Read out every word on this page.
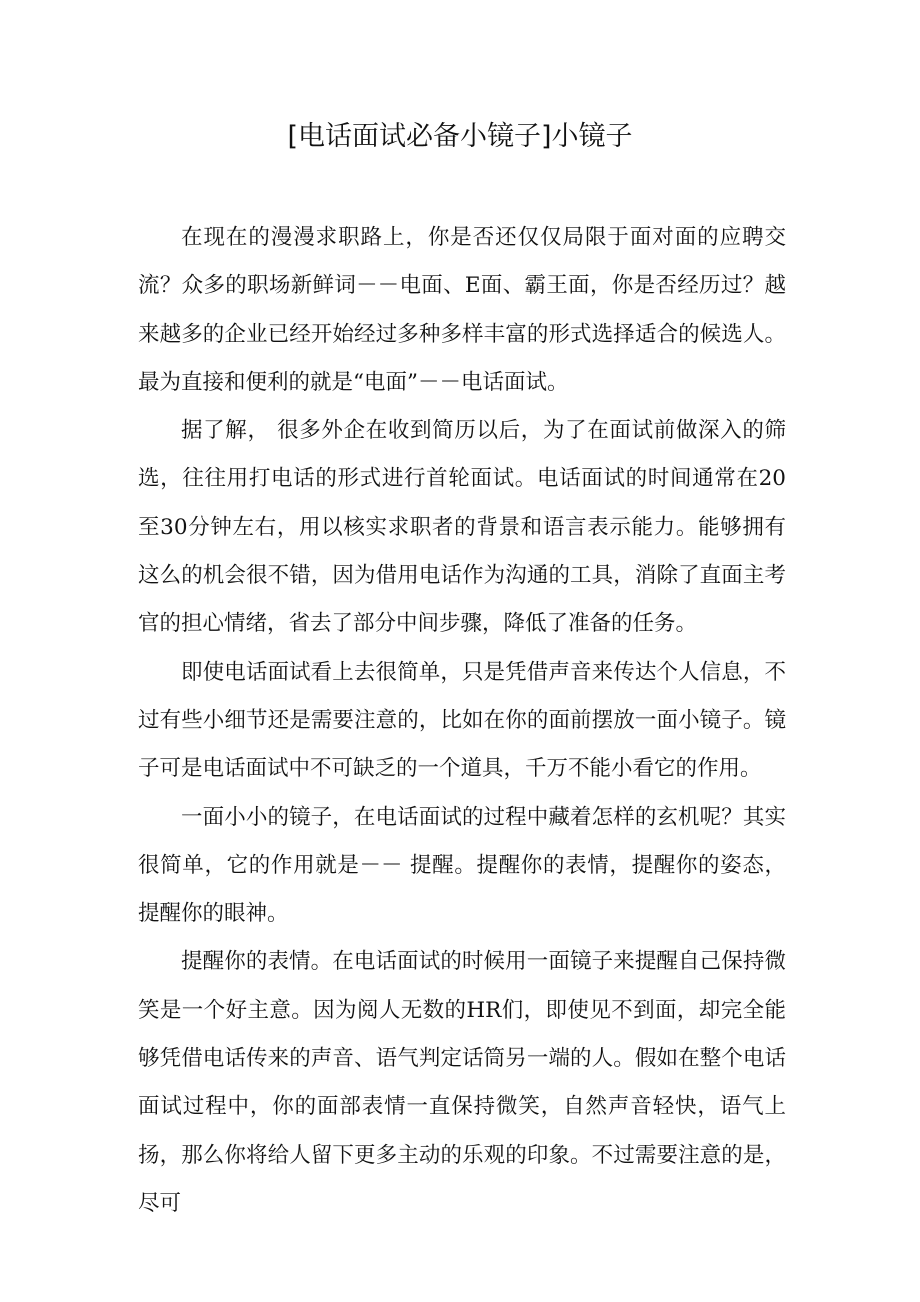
[电话面试必备小镜子]小镜子

在现在的漫漫求职路上，你是否还仅仅局限于面对面的应聘交流？众多的职场新鲜词－－电面、E面、霸王面，你是否经历过？越来越多的企业已经开始经过多种多样丰富的形式选择适合的候选人。最为直接和便利的就是“电面”－－电话面试。

据了解， 很多外企在收到简历以后，为了在面试前做深入的筛选，往往用打电话的形式进行首轮面试。电话面试的时间通常在20至30分钟左右，用以核实求职者的背景和语言表示能力。能够拥有这么的机会很不错，因为借用电话作为沟通的工具，消除了直面主考官的担心情绪，省去了部分中间步骤，降低了准备的任务。

即使电话面试看上去很简单，只是凭借声音来传达个人信息，不过有些小细节还是需要注意的，比如在你的面前摆放一面小镜子。镜子可是电话面试中不可缺乏的一个道具，千万不能小看它的作用。

一面小小的镜子，在电话面试的过程中藏着怎样的玄机呢？其实很简单，它的作用就是－－ 提醒。提醒你的表情，提醒你的姿态，提醒你的眼神。

提醒你的表情。在电话面试的时候用一面镜子来提醒自己保持微笑是一个好主意。因为阅人无数的HR们，即使见不到面，却完全能够凭借电话传来的声音、语气判定话筒另一端的人。假如在整个电话面试过程中，你的面部表情一直保持微笑，自然声音轻快，语气上扬，那么你将给人留下更多主动的乐观的印象。不过需要注意的是，尽可
